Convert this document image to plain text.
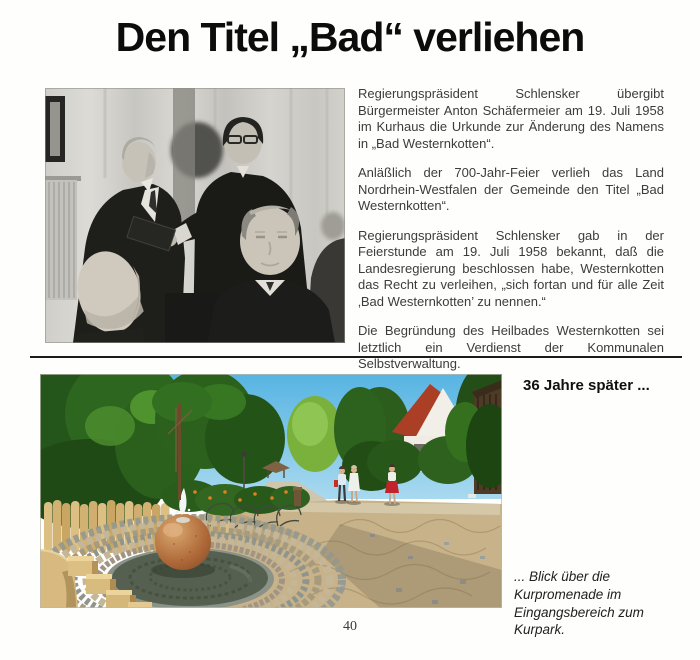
Den Titel „Bad“ verliehen

Regierungspräsident Schlensker übergibt Bürgermeister Anton Schäfermeier am 19. Juli 1958 im Kurhaus die Urkunde zur Änderung des Namens in „Bad Westernkotten“.

Anläßlich der 700-Jahr-Feier verlieh das Land Nordrhein-Westfalen der Gemeinde den Titel „Bad Westernkotten“.

Regierungspräsident Schlensker gab in der Feierstunde am 19. Juli 1958 bekannt, daß die Landesregierung beschlossen habe, Westernkotten das Recht zu verleihen, „sich fortan und für alle Zeit ‚Bad Westernkotten’ zu nennen.“

Die Begründung des Heilbades Westernkotten sei letztlich ein Verdienst der Kommunalen Selbstverwaltung.

36 Jahre später ...
... Blick über die Kurpromenade im Eingangsbereich zum Kurpark.
40
